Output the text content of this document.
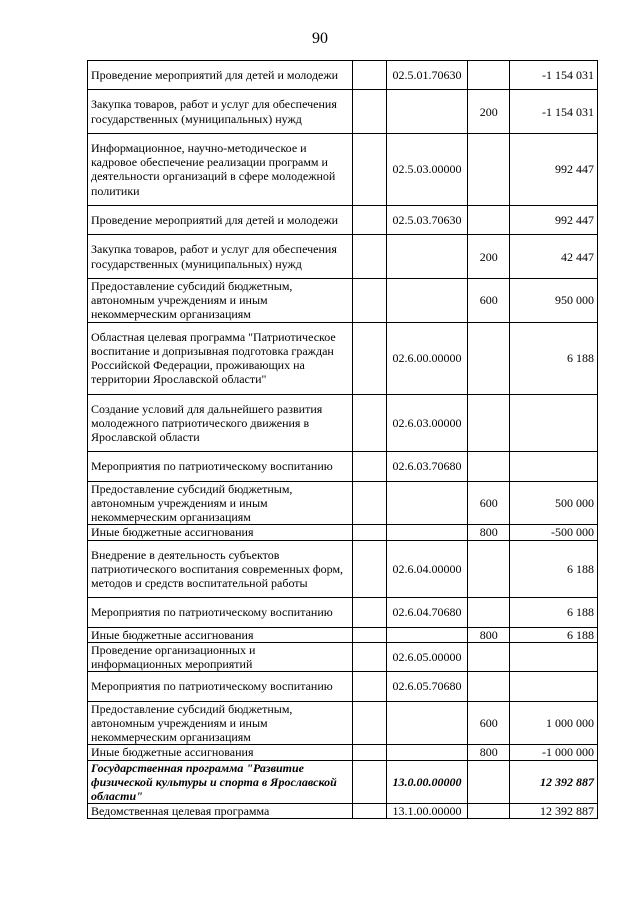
90
Проведение мероприятий для детей и молодежи		02.5.01.70630		-1 154 031
Закупка товаров, работ и услуг для обеспечения государственных (муниципальных) нужд			200	-1 154 031
Информационное, научно-методическое и кадровое обеспечение реализации программ и деятельности организаций в сфере молодежной политики		02.5.03.00000		992 447
Проведение мероприятий для детей и молодежи		02.5.03.70630		992 447
Закупка товаров, работ и услуг для обеспечения государственных (муниципальных) нужд			200	42 447
Предоставление субсидий бюджетным, автономным учреждениям и иным некоммерческим организациям			600	950 000
Областная целевая программа "Патриотическое воспитание и допризывная подготовка граждан Российской Федерации, проживающих на территории Ярославской области"		02.6.00.00000		6 188
Создание условий для дальнейшего развития молодежного патриотического движения в Ярославской области		02.6.03.00000		
Мероприятия по патриотическому воспитанию		02.6.03.70680		
Предоставление субсидий бюджетным, автономным учреждениям и иным некоммерческим организациям			600	500 000
Иные бюджетные ассигнования			800	-500 000
Внедрение в деятельность субъектов патриотического воспитания современных форм, методов и средств воспитательной работы		02.6.04.00000		6 188
Мероприятия по патриотическому воспитанию		02.6.04.70680		6 188
Иные бюджетные ассигнования			800	6 188
Проведение организационных и информационных мероприятий		02.6.05.00000		
Мероприятия по патриотическому воспитанию		02.6.05.70680		
Предоставление субсидий бюджетным, автономным учреждениям и иным некоммерческим организациям			600	1 000 000
Иные бюджетные ассигнования			800	-1 000 000
Государственная программа "Развитие физической культуры и спорта в Ярославской области"		13.0.00.00000		12 392 887
Ведомственная целевая программа		13.1.00.00000		12 392 887
